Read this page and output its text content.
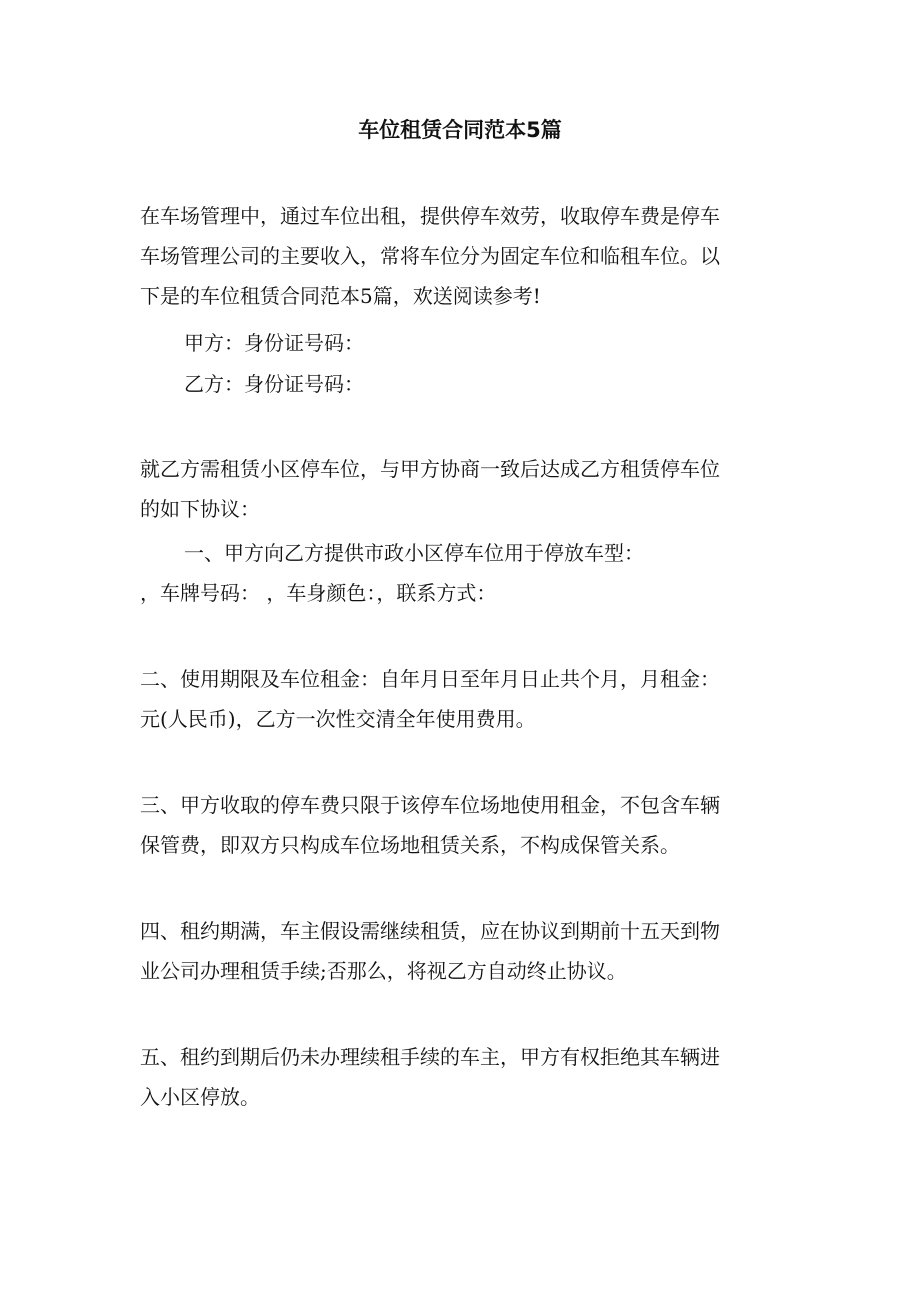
车位租赁合同范本5篇

在车场管理中，通过车位出租，提供停车效劳，收取停车费是停车
车场管理公司的主要收入，常将车位分为固定车位和临租车位。以
下是的车位租赁合同范本5篇，欢送阅读参考!

甲方：身份证号码：

乙方：身份证号码：

就乙方需租赁小区停车位，与甲方协商一致后达成乙方租赁停车位
的如下协议：

一、甲方向乙方提供市政小区停车位用于停放车型：
，车牌号码： ，车身颜色：，联系方式：

二、使用期限及车位租金：自年月日至年月日止共个月，月租金：
元(人民币)，乙方一次性交清全年使用费用。

三、甲方收取的停车费只限于该停车位场地使用租金，不包含车辆
保管费，即双方只构成车位场地租赁关系，不构成保管关系。

四、租约期满，车主假设需继续租赁，应在协议到期前十五天到物
业公司办理租赁手续;否那么，将视乙方自动终止协议。

五、租约到期后仍未办理续租手续的车主，甲方有权拒绝其车辆进
入小区停放。
